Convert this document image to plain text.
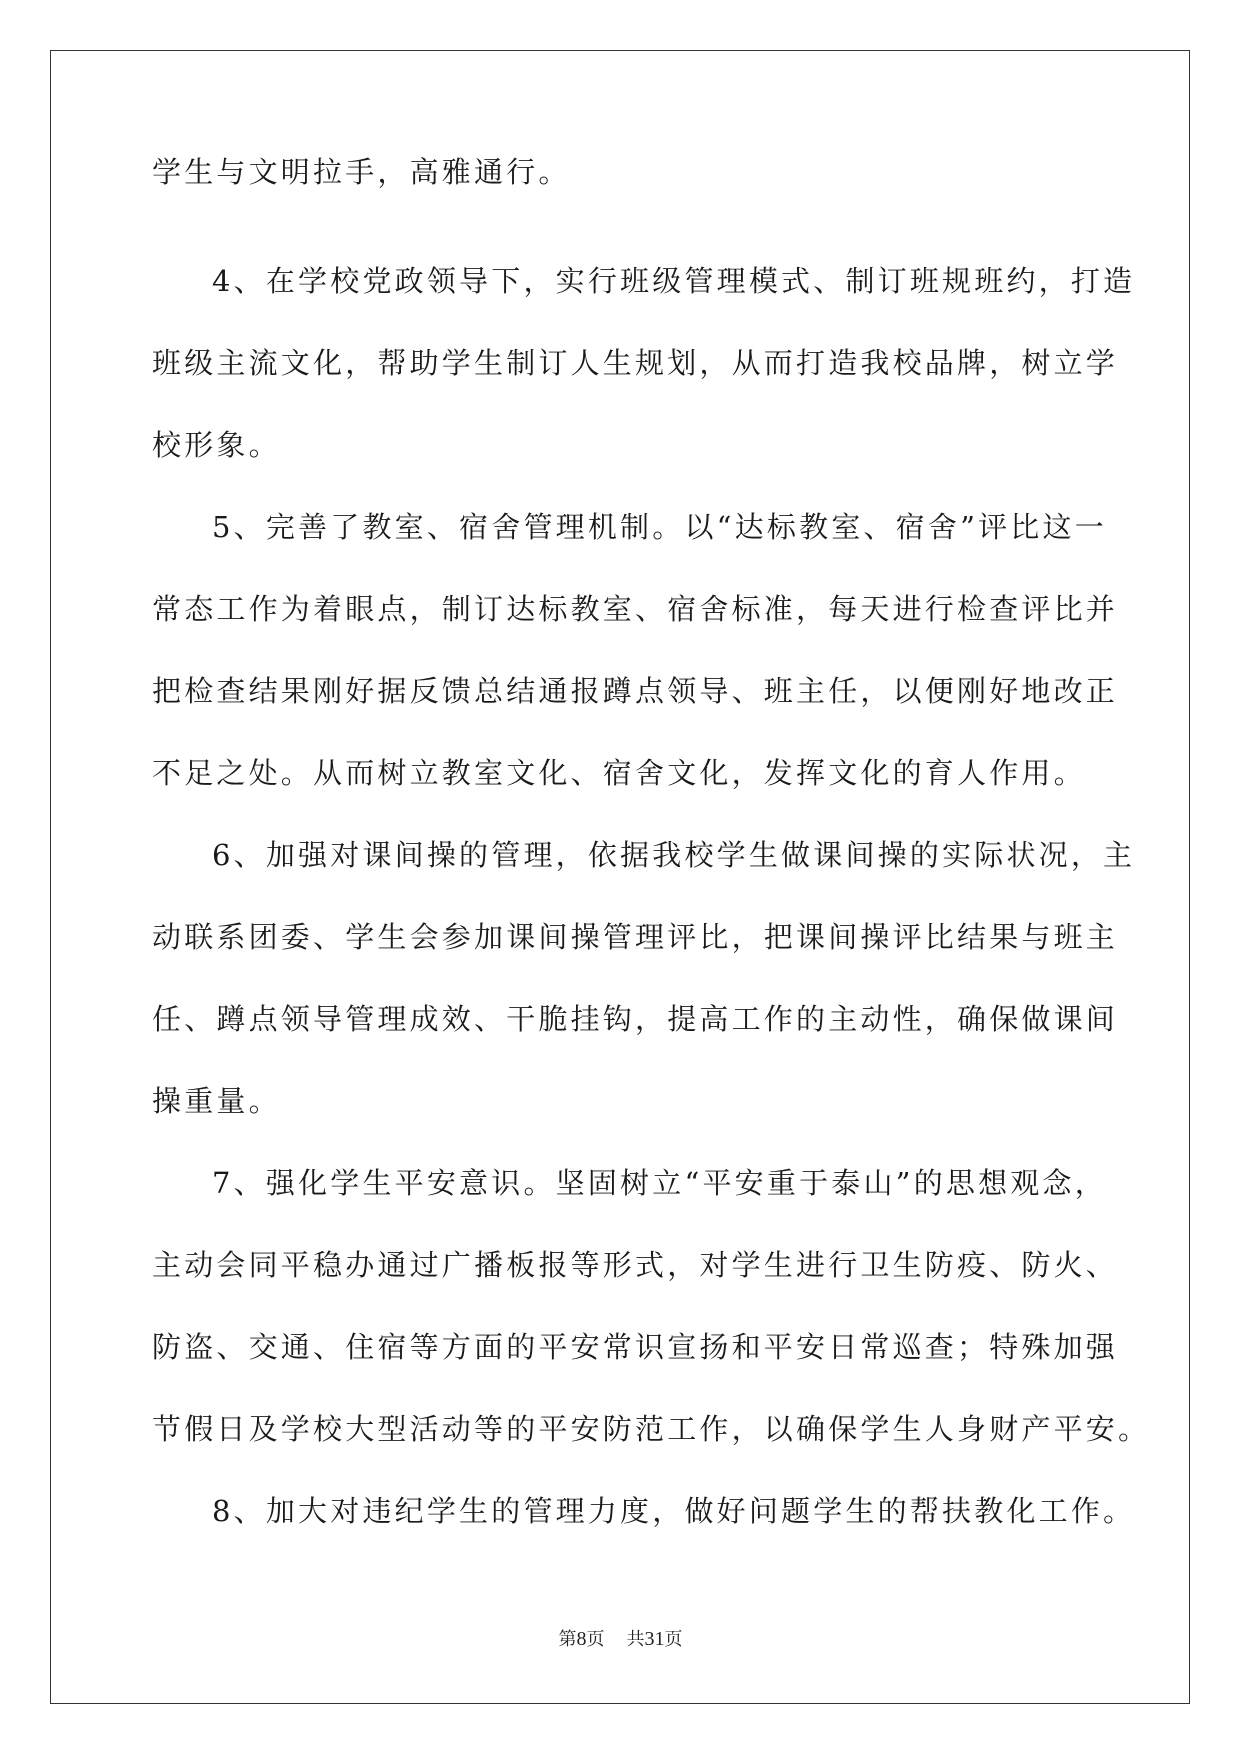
学生与文明拉手，高雅通行。
4、在学校党政领导下，实行班级管理模式、制订班规班约，打造
班级主流文化，帮助学生制订人生规划，从而打造我校品牌，树立学
校形象。
5、完善了教室、宿舍管理机制。以“达标教室、宿舍”评比这一
常态工作为着眼点，制订达标教室、宿舍标准，每天进行检查评比并
把检查结果刚好据反馈总结通报蹲点领导、班主任，以便刚好地改正
不足之处。从而树立教室文化、宿舍文化，发挥文化的育人作用。
6、加强对课间操的管理，依据我校学生做课间操的实际状况，主
动联系团委、学生会参加课间操管理评比，把课间操评比结果与班主
任、蹲点领导管理成效、干脆挂钩，提高工作的主动性，确保做课间
操重量。
7、强化学生平安意识。坚固树立“平安重于泰山”的思想观念，
主动会同平稳办通过广播板报等形式，对学生进行卫生防疫、防火、
防盗、交通、住宿等方面的平安常识宣扬和平安日常巡查；特殊加强
节假日及学校大型活动等的平安防范工作，以确保学生人身财产平安。
8、加大对违纪学生的管理力度，做好问题学生的帮扶教化工作。
第8页 共31页
